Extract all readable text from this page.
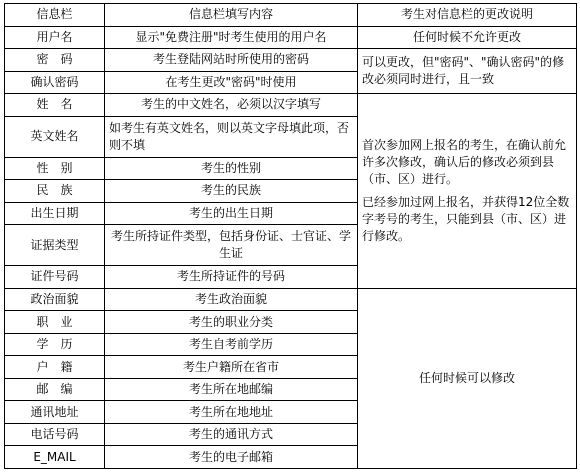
信息栏	信息栏填写内容	考生对信息栏的更改说明
用户名	显示"免费注册"时考生使用的用户名	任何时候不允许更改
密　码	考生登陆网站时所使用的密码	可以更改，但"密码"、"确认密码"的修改必须同时进行，且一致
确认密码	在考生更改"密码"时使用	
姓　名	考生的中文姓名，必须以汉字填写	首次参加网上报名的考生，在确认前允许多次修改，确认后的修改必须到县（市、区）进行。

已经参加过网上报名，并获得12位全数字考号的考生，只能到县（市、区）进行修改。

英文姓名	如考生有英文姓名，则以英文字母填此项，否则不填	
性　别	考生的性别	
民　族	考生的民族	
出生日期	考生的出生日期	
证据类型	考生所持证件类型，包括身份证、士官证、学生证	
证件号码	考生所持证件的号码	
政治面貌	考生政治面貌	任何时候可以修改
职　业	考生的职业分类	
学　历	考生自考前学历	
户　籍	考生户籍所在省市	
邮　编	考生所在地邮编	
通讯地址	考生所在地地址	
电话号码	考生的通讯方式	
E_MAIL	考生的电子邮箱	
